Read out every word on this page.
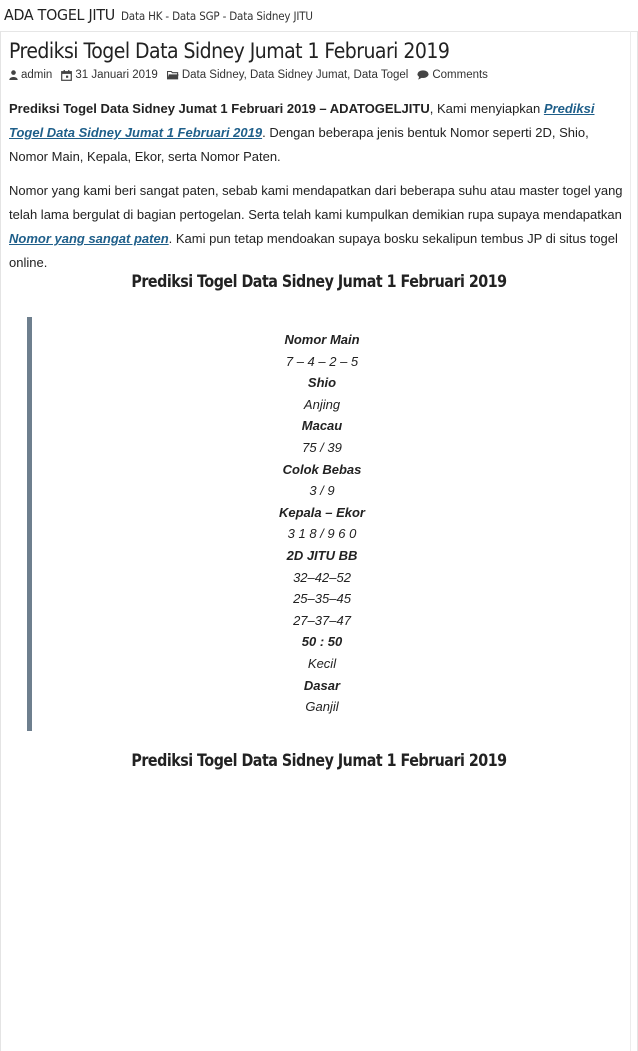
ADA TOGEL JITU Data HK - Data SGP - Data Sidney JITU
Prediksi Togel Data Sidney Jumat 1 Februari 2019
admin 31 Januari 2019 Data Sidney, Data Sidney Jumat, Data Togel Comments

Prediksi Togel Data Sidney Jumat 1 Februari 2019 – ADATOGELJITU, Kami menyiapkan Prediksi Togel Data Sidney Jumat 1 Februari 2019. Dengan beberapa jenis bentuk Nomor seperti 2D, Shio, Nomor Main, Kepala, Ekor, serta Nomor Paten.

Nomor yang kami beri sangat paten, sebab kami mendapatkan dari beberapa suhu atau master togel yang telah lama bergulat di bagian pertogelan. Serta telah kami kumpulkan demikian rupa supaya mendapatkan Nomor yang sangat paten. Kami pun tetap mendoakan supaya bosku sekalipun tembus JP di situs togel online.

Prediksi Togel Data Sidney Jumat 1 Februari 2019
Nomor Main
7 – 4 – 2 – 5
Shio
Anjing
Macau
75 / 39
Colok Bebas
3 / 9
Kepala – Ekor
3 1 8 / 9 6 0
2D JITU BB
32–42–52
25–35–45
27–37–47
50 : 50
Kecil
Dasar
Ganjil
Prediksi Togel Data Sidney Jumat 1 Februari 2019
